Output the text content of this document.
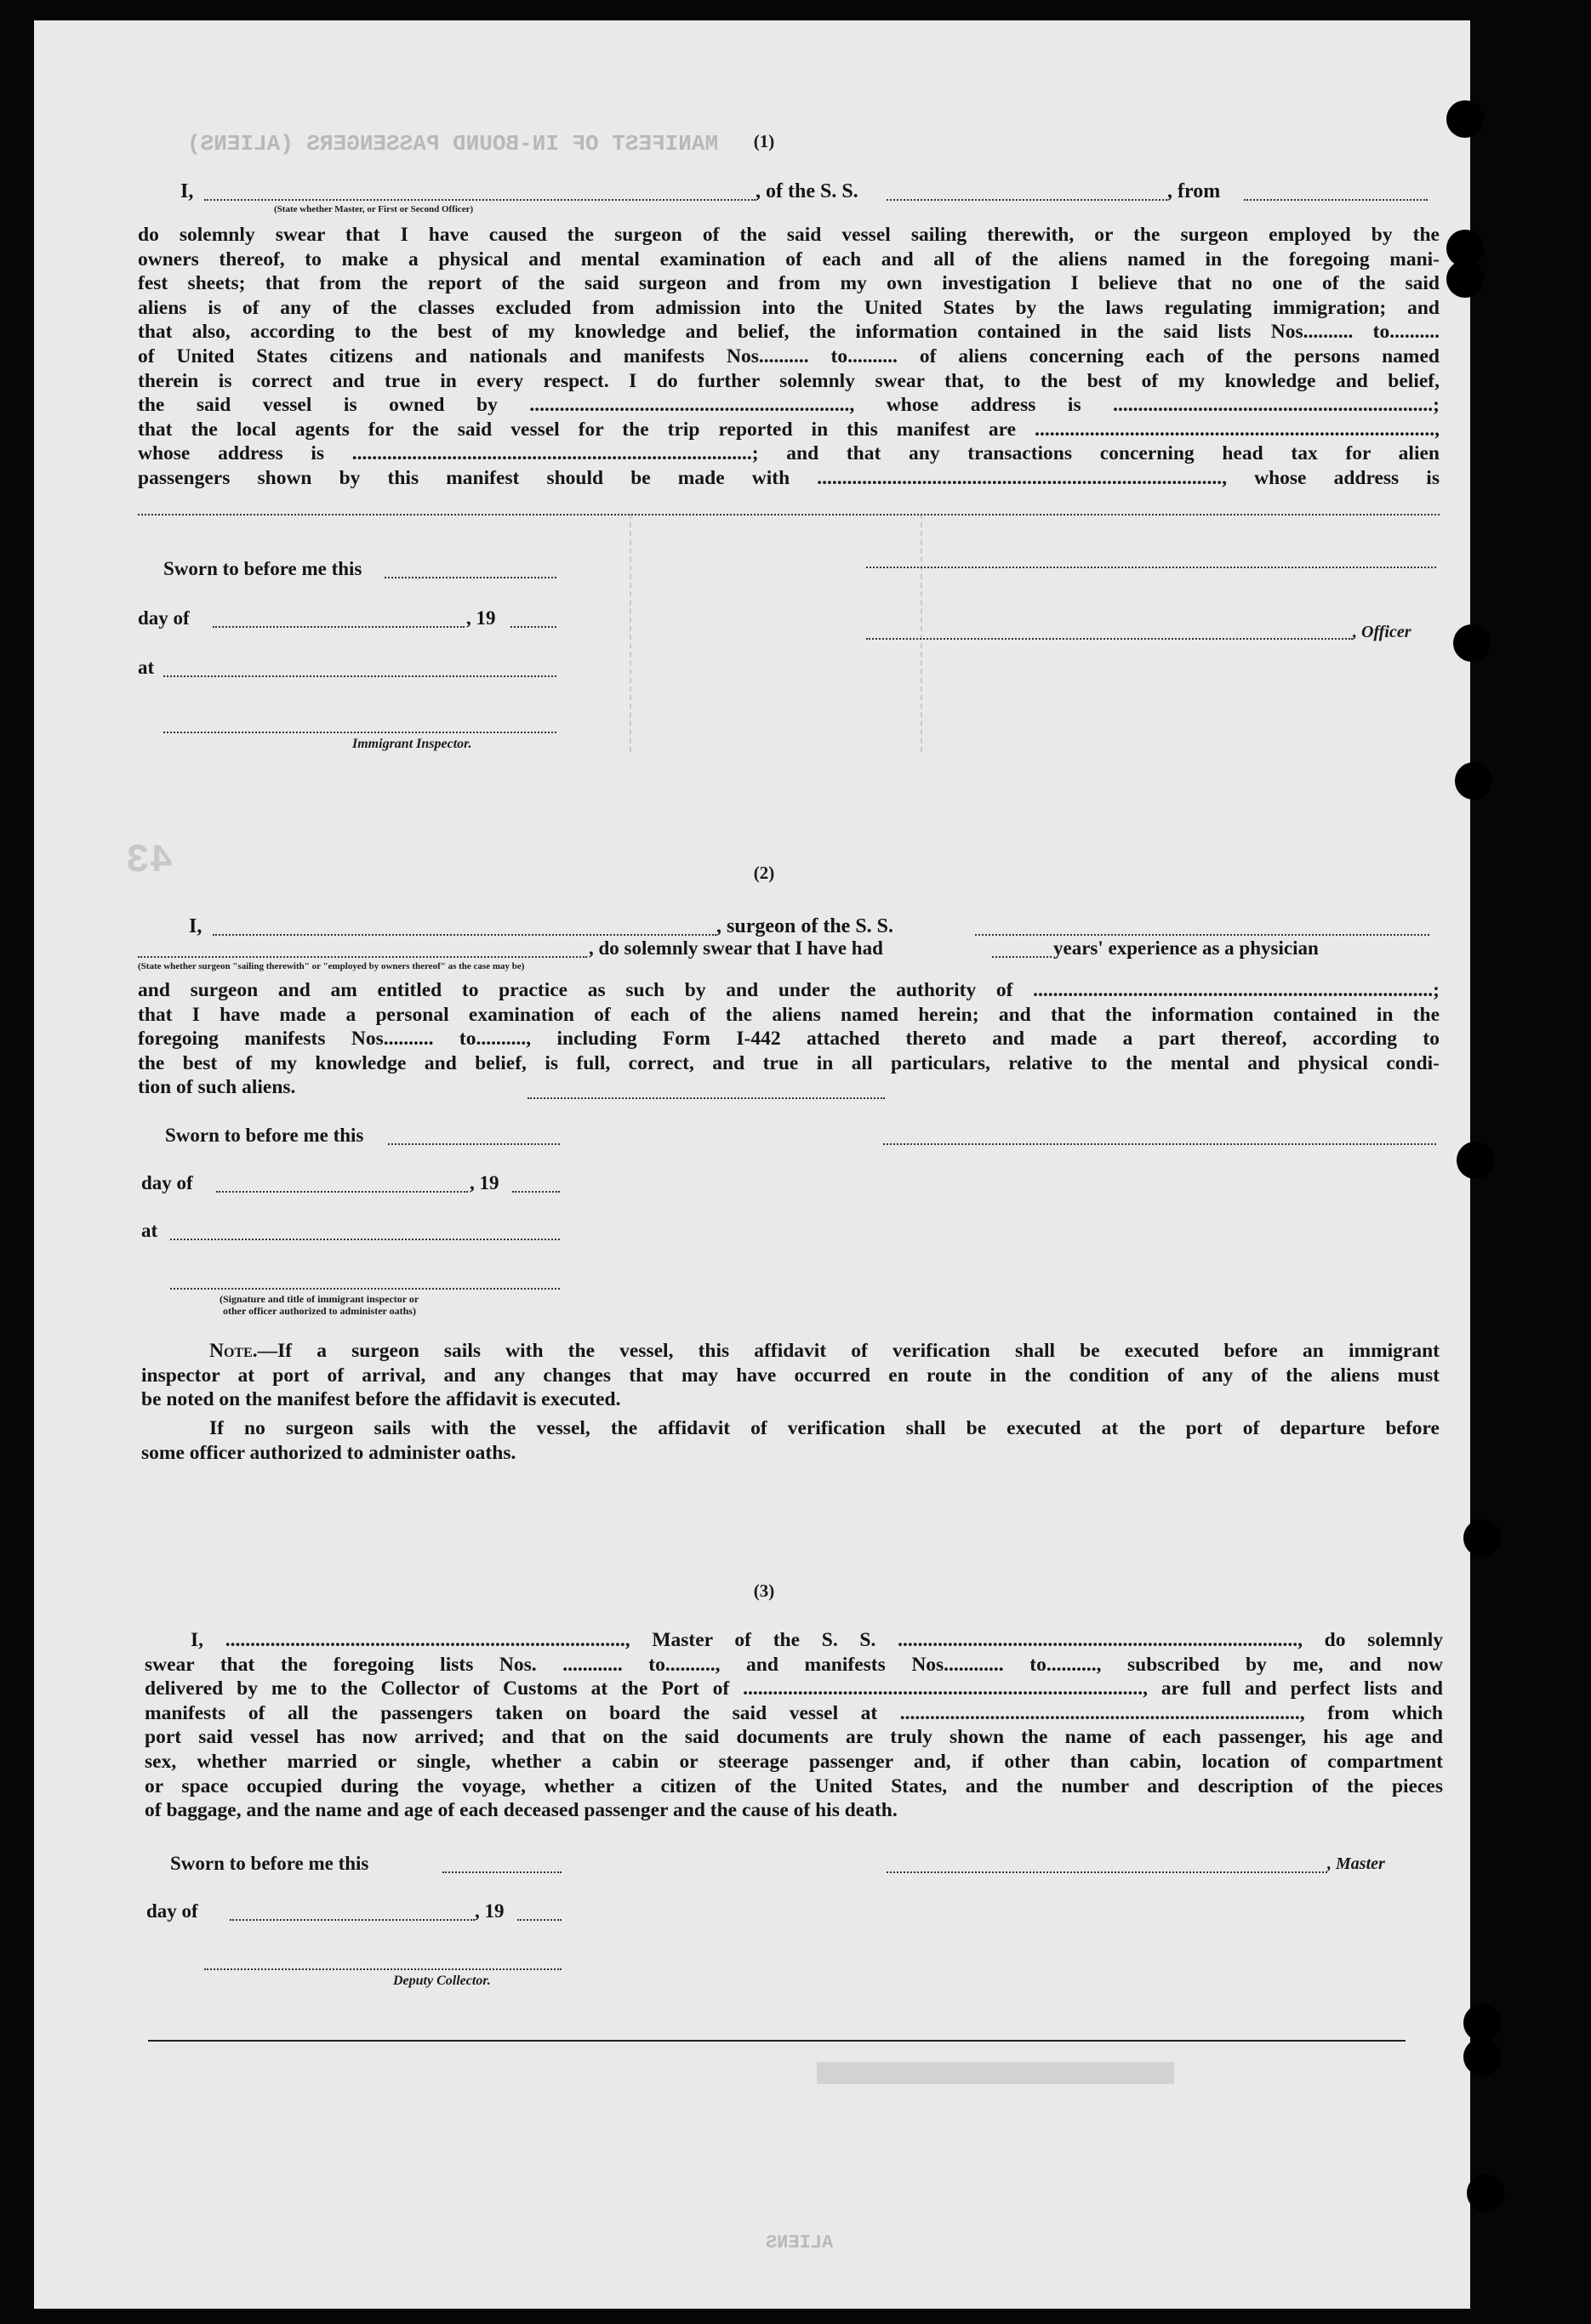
MANIFEST OF IN-BOUND PASSENGERS (ALIENS)
43
ALIENS
(1)
I,	, of the S. S.	, from
(State whether Master, or First or Second Officer)
do solemnly swear that I have caused the surgeon of the said vessel sailing therewith, or the surgeon employed by the
owners thereof, to make a physical and mental examination of each and all of the aliens named in the foregoing mani-
fest sheets; that from the report of the said surgeon and from my own investigation I believe that no one of the said
aliens is of any of the classes excluded from admission into the United States by the laws regulating immigration; and
that also, according to the best of my knowledge and belief, the information contained in the said lists Nos.......... to..........
of United States citizens and nationals and manifests Nos.......... to.......... of aliens concerning each of the persons named
therein is correct and true in every respect. I do further solemnly swear that, to the best of my knowledge and belief,
the said vessel is owned by ................................................................, whose address is ................................................................;
that the local agents for the said vessel for the trip reported in this manifest are ................................................................................,
whose address is ................................................................................; and that any transactions concerning head tax for alien
passengers shown by this manifest should be made with ................................................................................., whose address is
Sworn to before me this
day of	, 19
, Officer
at
Immigrant Inspector.
(2)
I,	, surgeon of the S. S.
, do solemnly swear that I have had	years' experience as a physician
(State whether surgeon "sailing therewith" or "employed by owners thereof" as the case may be)
and surgeon and am entitled to practice as such by and under the authority of ................................................................................;
that I have made a personal examination of each of the aliens named herein; and that the information contained in the
foregoing manifests Nos.......... to.........., including Form I-442 attached thereto and made a part thereof, according to
the best of my knowledge and belief, is full, correct, and true in all particulars, relative to the mental and physical condi-
tion of such aliens.
Sworn to before me this
day of	, 19
at
(Signature and title of immigrant inspector or
other officer authorized to administer oaths)
Note.—If a surgeon sails with the vessel, this affidavit of verification shall be executed before an immigrant
inspector at port of arrival, and any changes that may have occurred en route in the condition of any of the aliens must
be noted on the manifest before the affidavit is executed.
If no surgeon sails with the vessel, the affidavit of verification shall be executed at the port of departure before
some officer authorized to administer oaths.
(3)
I, ................................................................................, Master of the S. S. ................................................................................, do solemnly
swear that the foregoing lists Nos. ............ to.........., and manifests Nos............ to.........., subscribed by me, and now
delivered by me to the Collector of Customs at the Port of ................................................................................, are full and perfect lists and
manifests of all the passengers taken on board the said vessel at ................................................................................, from which
port said vessel has now arrived; and that on the said documents are truly shown the name of each passenger, his age and
sex, whether married or single, whether a cabin or steerage passenger and, if other than cabin, location of compartment
or space occupied during the voyage, whether a citizen of the United States, and the number and description of the pieces
of baggage, and the name and age of each deceased passenger and the cause of his death.
Sworn to before me this	, Master
day of	, 19
Deputy Collector.
